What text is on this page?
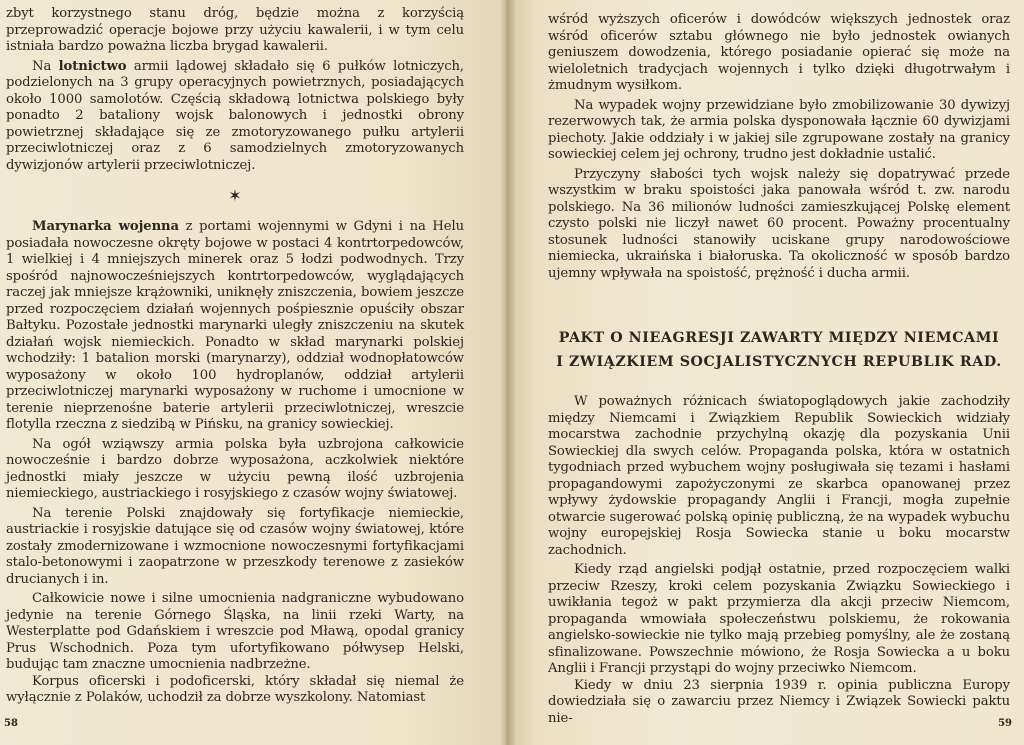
zbyt korzystnego stanu dróg, będzie można z korzyścią przeprowadzić operacje bojowe przy użyciu kawalerii, i w tym celu istniała bardzo poważna liczba brygad kawalerii.

Na lotnictwo armii lądowej składało się 6 pułków lotniczych, podzielonych na 3 grupy operacyjnych powietrznych, posiadających około 1000 samolotów. Częścią składową lotnictwa polskiego były ponadto 2 bataliony wojsk balonowych i jednostki obrony powietrznej składające się ze zmotoryzowanego pułku artylerii przeciwlotniczej oraz z 6 samodzielnych zmotoryzowanych dywizjonów artylerii przeciwlotniczej.

✶

Marynarka wojenna z portami wojennymi w Gdyni i na Helu posiadała nowoczesne okręty bojowe w postaci 4 kontrtorpedowców, 1 wielkiej i 4 mniejszych minerek oraz 5 łodzi podwodnych. Trzy spośród najnowocześniejszych kontrtorpedowców, wyglądających raczej jak mniejsze krążowniki, uniknęły zniszczenia, bowiem jeszcze przed rozpoczęciem działań wojennych pośpiesznie opuściły obszar Bałtyku. Pozostałe jednostki marynarki uległy zniszczeniu na skutek działań wojsk niemieckich. Ponadto w skład marynarki polskiej wchodziły: 1 batalion morski (marynarzy), oddział wodnopłatowców wyposażony w około 100 hydroplanów, oddział artylerii przeciwlotniczej marynarki wyposażony w ruchome i umocnione w terenie nieprzenośne baterie artylerii przeciwlotniczej, wreszcie flotylla rzeczna z siedzibą w Pińsku, na granicy sowieckiej.

Na ogół wziąwszy armia polska była uzbrojona całkowicie nowocześnie i bardzo dobrze wyposażona, aczkolwiek niektóre jednostki miały jeszcze w użyciu pewną ilość uzbrojenia niemieckiego, austriackiego i rosyjskiego z czasów wojny światowej.

Na terenie Polski znajdowały się fortyfikacje niemieckie, austriackie i rosyjskie datujące się od czasów wojny światowej, które zostały zmodernizowane i wzmocnione nowoczesnymi fortyfikacjami stalo-betonowymi i zaopatrzone w przeszkody terenowe z zasieków drucianych i in.

Całkowicie nowe i silne umocnienia nadgraniczne wybudowano jedynie na terenie Górnego Śląska, na linii rzeki Warty, na Westerplatte pod Gdańskiem i wreszcie pod Mławą, opodal granicy Prus Wschodnich. Poza tym ufortyfikowano półwysep Helski, budując tam znaczne umocnienia nadbrzeżne.

Korpus oficerski i podoficerski, który składał się niemal że wyłącznie z Polaków, uchodził za dobrze wyszkolony. Natomiast

58

wśród wyższych oficerów i dowódców większych jednostek oraz wśród oficerów sztabu głównego nie było jednostek owianych geniuszem dowodzenia, którego posiadanie opierać się może na wieloletnich tradycjach wojennych i tylko dzięki długotrwałym i żmudnym wysiłkom.

Na wypadek wojny przewidziane było zmobilizowanie 30 dywizyj rezerwowych tak, że armia polska dysponowała łącznie 60 dywizjami piechoty. Jakie oddziały i w jakiej sile zgrupowane zostały na granicy sowieckiej celem jej ochrony, trudno jest dokładnie ustalić.

Przyczyny słabości tych wojsk należy się dopatrywać przede wszystkim w braku spoistości jaka panowała wśród t. zw. narodu polskiego. Na 36 milionów ludności zamieszkującej Polskę element czysto polski nie liczył nawet 60 procent. Poważny procentualny stosunek ludności stanowiły uciskane grupy narodowościowe niemiecka, ukraińska i białoruska. Ta okoliczność w sposób bardzo ujemny wpływała na spoistość, prężność i ducha armii.

PAKT O NIEAGRESJI ZAWARTY MIĘDZY NIEMCAMI
I ZWIĄZKIEM SOCJALISTYCZNYCH REPUBLIK RAD.

W poważnych różnicach światopoglądowych jakie zachodziły między Niemcami i Związkiem Republik Sowieckich widziały mocarstwa zachodnie przychylną okazję dla pozyskania Unii Sowieckiej dla swych celów. Propaganda polska, która w ostatnich tygodniach przed wybuchem wojny posługiwała się tezami i hasłami propagandowymi zapożyczonymi ze skarbca opanowanej przez wpływy żydowskie propagandy Anglii i Francji, mogła zupełnie otwarcie sugerować polską opinię publiczną, że na wypadek wybuchu wojny europejskiej Rosja Sowiecka stanie u boku mocarstw zachodnich.

Kiedy rząd angielski podjął ostatnie, przed rozpoczęciem walki przeciw Rzeszy, kroki celem pozyskania Związku Sowieckiego i uwikłania tegoż w pakt przymierza dla akcji przeciw Niemcom, propaganda wmowiała społeczeństwu polskiemu, że rokowania angielsko-sowieckie nie tylko mają przebieg pomyślny, ale że zostaną sfinalizowane. Powszechnie mówiono, że Rosja Sowiecka a u boku Anglii i Francji przystąpi do wojny przeciwko Niemcom.

Kiedy w dniu 23 sierpnia 1939 r. opinia publiczna Europy dowiedziała się o zawarciu przez Niemcy i Związek Sowiecki paktu nie-	59
